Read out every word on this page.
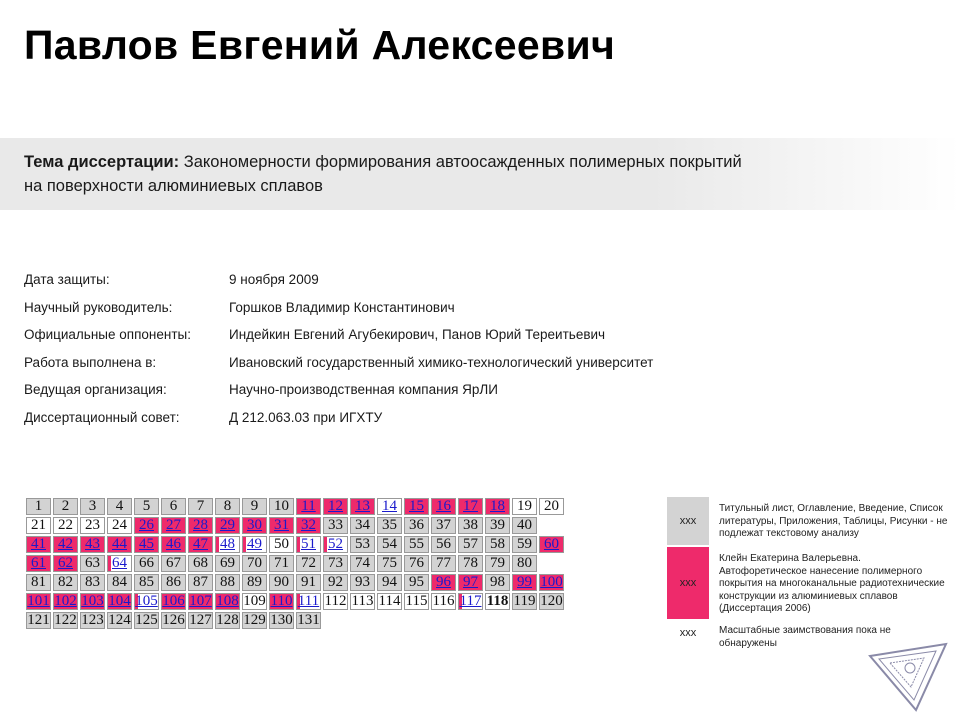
Павлов Евгений Алексеевич
Тема диссертации: Закономерности формирования автоосажденных полимерных покрытий
на поверхности алюминиевых сплавов
Дата защиты:	9 ноября 2009
Научный руководитель:	Горшков Владимир Константинович
Официальные оппоненты:	Индейкин Евгений Агубекирович, Панов Юрий Тереитьевич
Работа выполнена в:	Ивановский государственный химико-технологический университет
Ведущая организация:	Научно-производственная компания ЯрЛИ
Диссертационный совет:	Д 212.063.03 при ИГХТУ
1	2	3	4	5	6	7	8	9	10	11	12	13	14	15	16	17	18	19	20
21	22	23	24	26	27	28	29	30	31	32	33	34	35	36	37	38	39	40	
41	42	43	44	45	46	47	48	49	50	51	52	53	54	55	56	57	58	59	60
61	62	63	64	66	67	68	69	70	71	72	73	74	75	76	77	78	79	80	
81	82	83	84	85	86	87	88	89	90	91	92	93	94	95	96	97	98	99	100
101	102	103	104	105	106	107	108	109	110	111	112	113	114	115	116	117	118	119	120
121	122	123	124	125	126	127	128	129	130	131									
xxx
Титульный лист, Оглавление, Введение, Список литературы, Приложения, Таблицы, Рисунки - не подлежат текстовому анализу
xxx
Клейн Екатерина Валерьевна. Автофоретическое нанесение полимерного покрытия на многоканальные радиотехнические конструкции из алюминиевых сплавов (Диссертация 2006)
xxx	Масштабные заимствования пока не обнаружены
